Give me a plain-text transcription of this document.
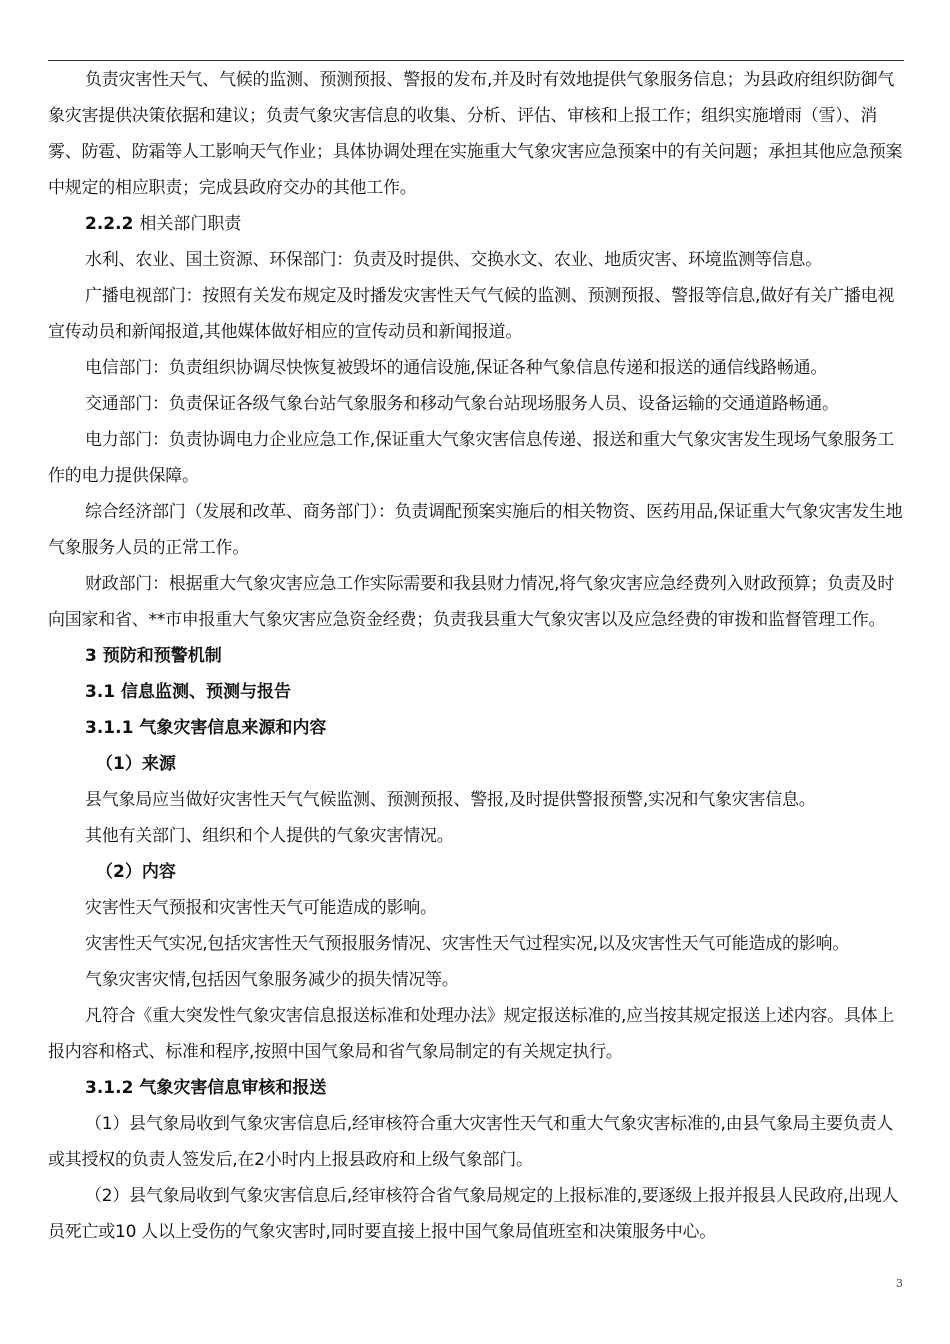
负责灾害性天气、气候的监测、预测预报、警报的发布,并及时有效地提供气象服务信息；为县政府组织防御气象灾害提供决策依据和建议；负责气象灾害信息的收集、分析、评估、审核和上报工作；组织实施增雨（雪）、消雾、防雹、防霜等人工影响天气作业；具体协调处理在实施重大气象灾害应急预案中的有关问题；承担其他应急预案中规定的相应职责；完成县政府交办的其他工作。

2.2.2 相关部门职责

水利、农业、国土资源、环保部门：负责及时提供、交换水文、农业、地质灾害、环境监测等信息。

广播电视部门：按照有关发布规定及时播发灾害性天气气候的监测、预测预报、警报等信息,做好有关广播电视宣传动员和新闻报道,其他媒体做好相应的宣传动员和新闻报道。

电信部门：负责组织协调尽快恢复被毁坏的通信设施,保证各种气象信息传递和报送的通信线路畅通。

交通部门：负责保证各级气象台站气象服务和移动气象台站现场服务人员、设备运输的交通道路畅通。

电力部门：负责协调电力企业应急工作,保证重大气象灾害信息传递、报送和重大气象灾害发生现场气象服务工作的电力提供保障。

综合经济部门（发展和改革、商务部门）：负责调配预案实施后的相关物资、医药用品,保证重大气象灾害发生地气象服务人员的正常工作。

财政部门：根据重大气象灾害应急工作实际需要和我县财力情况,将气象灾害应急经费列入财政预算；负责及时向国家和省、**市申报重大气象灾害应急资金经费；负责我县重大气象灾害以及应急经费的审拨和监督管理工作。

3 预防和预警机制

3.1 信息监测、预测与报告

3.1.1 气象灾害信息来源和内容

（1）来源

县气象局应当做好灾害性天气气候监测、预测预报、警报,及时提供警报预警,实况和气象灾害信息。

其他有关部门、组织和个人提供的气象灾害情况。

（2）内容

灾害性天气预报和灾害性天气可能造成的影响。

灾害性天气实况,包括灾害性天气预报服务情况、灾害性天气过程实况,以及灾害性天气可能造成的影响。

气象灾害灾情,包括因气象服务减少的损失情况等。

凡符合《重大突发性气象灾害信息报送标准和处理办法》规定报送标准的,应当按其规定报送上述内容。具体上报内容和格式、标准和程序,按照中国气象局和省气象局制定的有关规定执行。

3.1.2 气象灾害信息审核和报送

（1）县气象局收到气象灾害信息后,经审核符合重大灾害性天气和重大气象灾害标准的,由县气象局主要负责人或其授权的负责人签发后,在2小时内上报县政府和上级气象部门。

（2）县气象局收到气象灾害信息后,经审核符合省气象局规定的上报标准的,要逐级上报并报县人民政府,出现人员死亡或10 人以上受伤的气象灾害时,同时要直接上报中国气象局值班室和决策服务中心。

3
